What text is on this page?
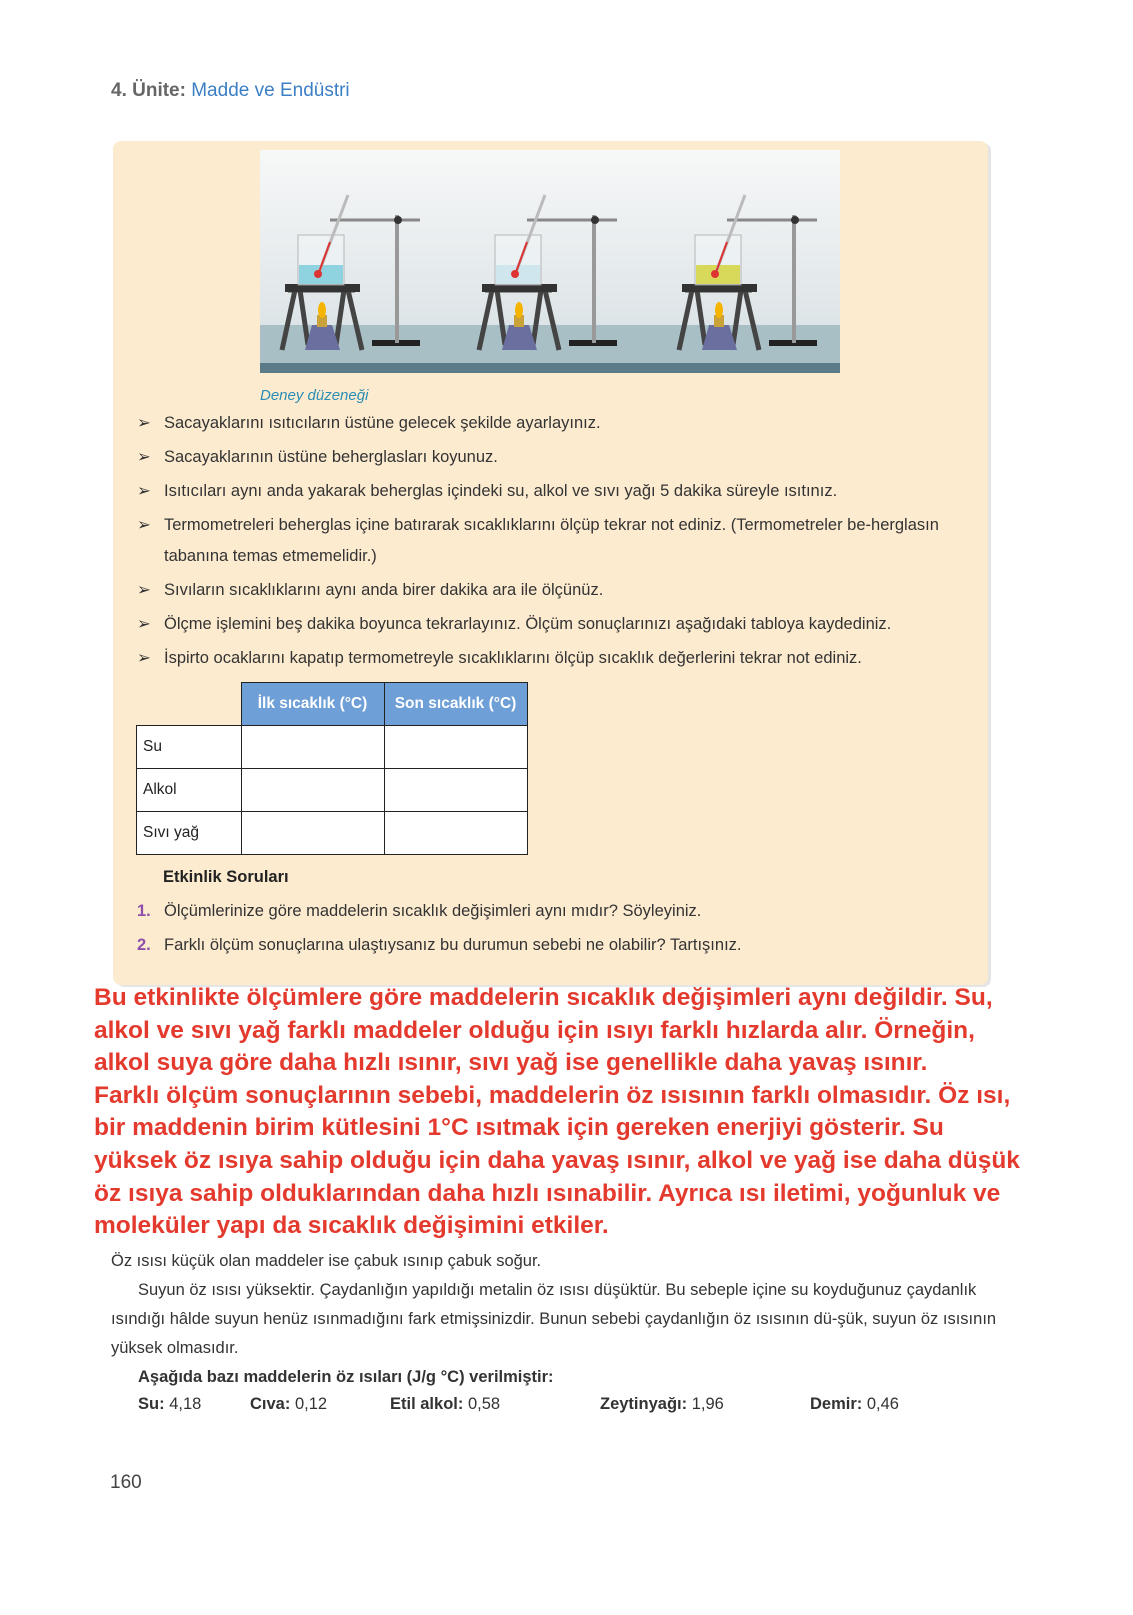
4. Ünite: Madde ve Endüstri
Deney düzeneği
➢ Sacayaklarını ısıtıcıların üstüne gelecek şekilde ayarlayınız.
➢ Sacayaklarının üstüne beherglasları koyunuz.
➢ Isıtıcıları aynı anda yakarak beherglas içindeki su, alkol ve sıvı yağı 5 dakika süreyle ısıtınız.
➢ Termometreleri beherglas içine batırarak sıcaklıklarını ölçüp tekrar not ediniz. (Termometreler be-herglasın tabanına temas etmemelidir.)
➢ Sıvıların sıcaklıklarını aynı anda birer dakika ara ile ölçünüz.
➢ Ölçme işlemini beş dakika boyunca tekrarlayınız. Ölçüm sonuçlarınızı aşağıdaki tabloya kaydediniz.
➢ İspirto ocaklarını kapatıp termometreyle sıcaklıklarını ölçüp sıcaklık değerlerini tekrar not ediniz.
	İlk sıcaklık (°C)	Son sıcaklık (°C)
Su		
Alkol		
Sıvı yağ		
Etkinlik Soruları
1. Ölçümlerinize göre maddelerin sıcaklık değişimleri aynı mıdır? Söyleyiniz.
2. Farklı ölçüm sonuçlarına ulaştıysanız bu durumun sebebi ne olabilir? Tartışınız.
Bu etkinlikte ölçümlere göre maddelerin sıcaklık değişimleri aynı değildir. Su,
alkol ve sıvı yağ farklı maddeler olduğu için ısıyı farklı hızlarda alır. Örneğin,
alkol suya göre daha hızlı ısınır, sıvı yağ ise genellikle daha yavaş ısınır.
Farklı ölçüm sonuçlarının sebebi, maddelerin öz ısısının farklı olmasıdır. Öz ısı,
bir maddenin birim kütlesini 1°C ısıtmak için gereken enerjiyi gösterir. Su
yüksek öz ısıya sahip olduğu için daha yavaş ısınır, alkol ve yağ ise daha düşük
öz ısıya sahip olduklarından daha hızlı ısınabilir. Ayrıca ısı iletimi, yoğunluk ve
moleküler yapı da sıcaklık değişimini etkiler.
Öz ısısı küçük olan maddeler ise çabuk ısınıp çabuk soğur.
Suyun öz ısısı yüksektir. Çaydanlığın yapıldığı metalin öz ısısı düşüktür. Bu sebeple içine su koyduğunuz çaydanlık ısındığı hâlde suyun henüz ısınmadığını fark etmişsinizdir. Bunun sebebi çaydanlığın öz ısısının dü-şük, suyun öz ısısının yüksek olmasıdır.
Aşağıda bazı maddelerin öz ısıları (J/g °C) verilmiştir:
Su: 4,18	Cıva: 0,12	Etil alkol: 0,58	Zeytinyağı: 1,96	Demir: 0,46
160
